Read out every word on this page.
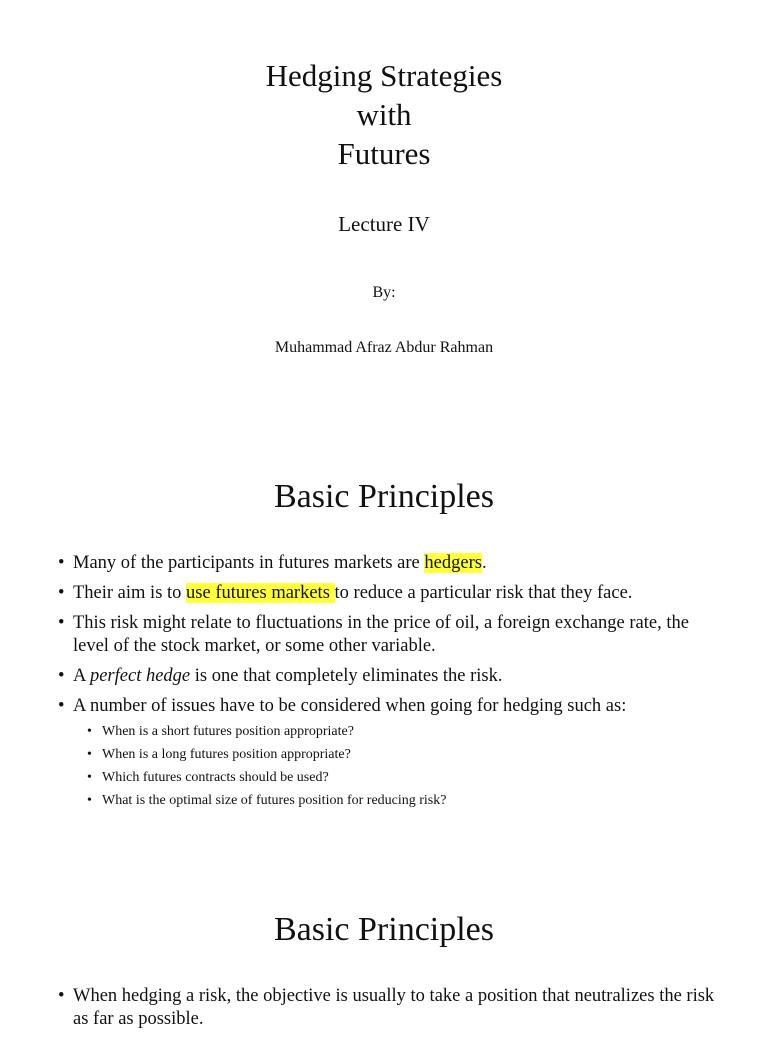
Hedging Strategies
with
Futures
Lecture IV
By:
Muhammad Afraz Abdur Rahman
Basic Principles
• Many of the participants in futures markets are hedgers.
• Their aim is to use futures markets to reduce a particular risk that they face.
• This risk might relate to fluctuations in the price of oil, a foreign exchange rate, the level of the stock market, or some other variable.
• A perfect hedge is one that completely eliminates the risk.
• A number of issues have to be considered when going for hedging such as:
• When is a short futures position appropriate?
• When is a long futures position appropriate?
• Which futures contracts should be used?
• What is the optimal size of futures position for reducing risk?
Basic Principles
• When hedging a risk, the objective is usually to take a position that neutralizes the risk as far as possible.
